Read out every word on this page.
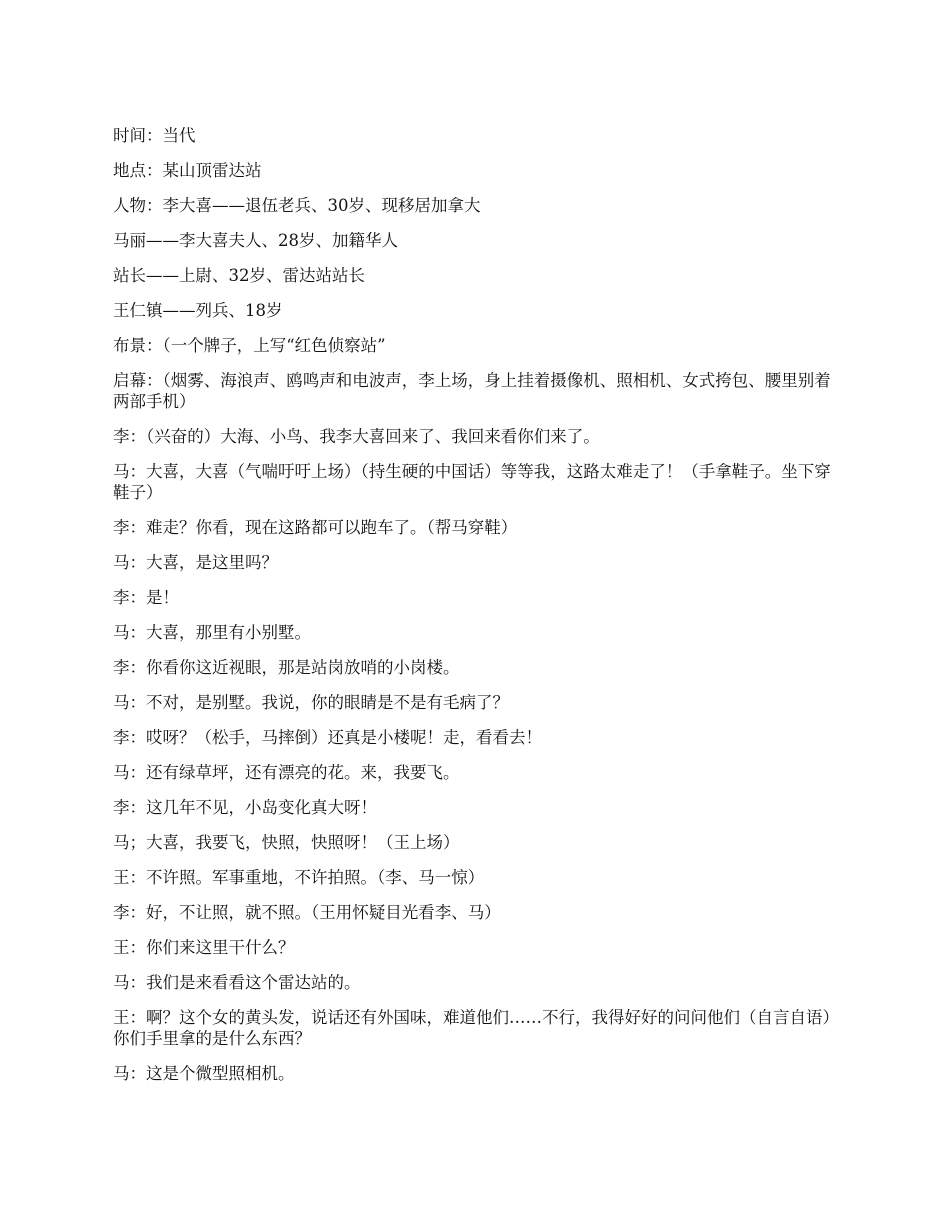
时间：当代

地点：某山顶雷达站

人物：李大喜——退伍老兵、30岁、现移居加拿大

马丽——李大喜夫人、28岁、加籍华人

站长——上尉、32岁、雷达站站长

王仁镇——列兵、18岁

布景：（一个牌子，上写“红色侦察站”

启幕：（烟雾、海浪声、鸥鸣声和电波声，李上场，身上挂着摄像机、照相机、女式挎包、腰里别着两部手机）

李：（兴奋的）大海、小鸟、我李大喜回来了、我回来看你们来了。

马：大喜，大喜（气喘吁吁上场）（持生硬的中国话）等等我，这路太难走了！（手拿鞋子。坐下穿鞋子）

李：难走？你看，现在这路都可以跑车了。（帮马穿鞋）

马：大喜，是这里吗？

李：是！

马：大喜，那里有小别墅。

李：你看你这近视眼，那是站岗放哨的小岗楼。

马：不对，是别墅。我说，你的眼睛是不是有毛病了？

李：哎呀？（松手，马摔倒）还真是小楼呢！走，看看去！

马：还有绿草坪，还有漂亮的花。来，我要飞。

李：这几年不见，小岛变化真大呀！

马；大喜，我要飞，快照，快照呀！（王上场）

王：不许照。军事重地，不许拍照。（李、马一惊）

李：好，不让照，就不照。（王用怀疑目光看李、马）

王：你们来这里干什么？

马：我们是来看看这个雷达站的。

王：啊？这个女的黄头发，说话还有外国味，难道他们……不行，我得好好的问问他们（自言自语）你们手里拿的是什么东西？

马：这是个微型照相机。
